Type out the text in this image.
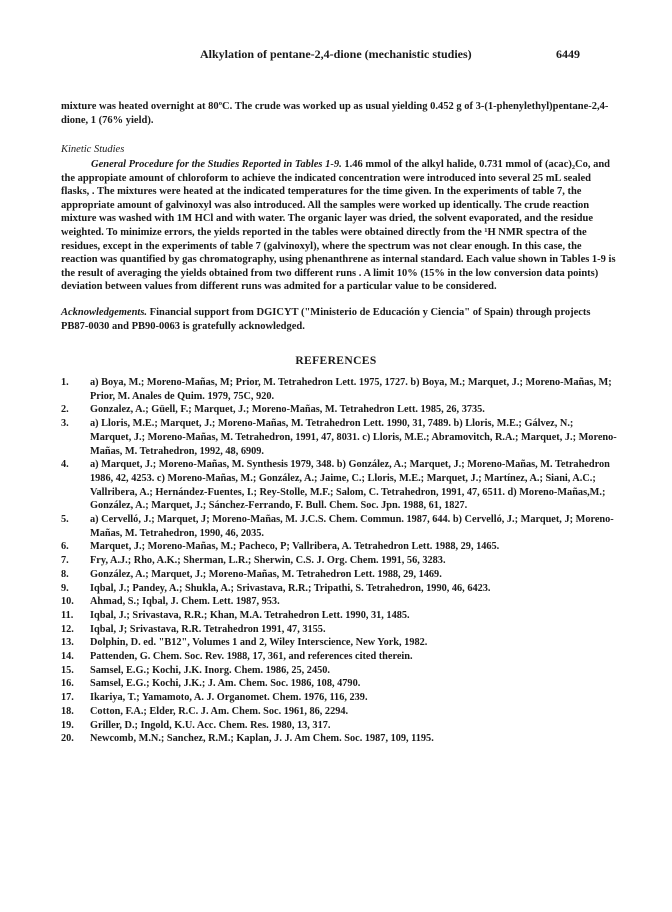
Alkylation of pentane-2,4-dione (mechanistic studies)	6449

mixture was heated overnight at 80ºC. The crude was worked up as usual yielding 0.452 g of 3-(1-phenylethyl)pentane-2,4-dione, 1 (76% yield).

Kinetic Studies

General Procedure for the Studies Reported in Tables 1-9. 1.46 mmol of the alkyl halide, 0.731 mmol of (acac)₂Co, and the appropiate amount of chloroform to achieve the indicated concentration were introduced into several 25 mL sealed flasks, . The mixtures were heated at the indicated temperatures for the time given. In the experiments of table 7, the appropriate amount of galvinoxyl was also introduced. All the samples were worked up identically. The crude reaction mixture was washed with 1M HCl and with water. The organic layer was dried, the solvent evaporated, and the residue weighted. To minimize errors, the yields reported in the tables were obtained directly from the ¹H NMR spectra of the residues, except in the experiments of table 7 (galvinoxyl), where the spectrum was not clear enough. In this case, the reaction was quantified by gas chromatography, using phenanthrene as internal standard. Each value shown in Tables 1-9 is the result of averaging the yields obtained from two different runs . A limit 10% (15% in the low conversion data points) deviation between values from different runs was admited for a particular value to be considered.

Acknowledgements. Financial support from DGICYT ("Ministerio de Educación y Ciencia" of Spain) through projects PB87-0030 and PB90-0063 is gratefully acknowledged.

REFERENCES
1.	a) Boya, M.; Moreno-Mañas, M; Prior, M. Tetrahedron Lett. 1975, 1727. b) Boya, M.; Marquet, J.; Moreno-Mañas, M; Prior, M. Anales de Quim. 1979, 75C, 920.
2.	Gonzalez, A.; Güell, F.; Marquet, J.; Moreno-Mañas, M. Tetrahedron Lett. 1985, 26, 3735.
3.	a) Lloris, M.E.; Marquet, J.; Moreno-Mañas, M. Tetrahedron Lett. 1990, 31, 7489. b) Lloris, M.E.; Gálvez, N.; Marquet, J.; Moreno-Mañas, M. Tetrahedron, 1991, 47, 8031. c) Lloris, M.E.; Abramovitch, R.A.; Marquet, J.; Moreno-Mañas, M. Tetrahedron, 1992, 48, 6909.
4.	a) Marquet, J.; Moreno-Mañas, M. Synthesis 1979, 348. b) González, A.; Marquet, J.; Moreno-Mañas, M. Tetrahedron 1986, 42, 4253. c) Moreno-Mañas, M.; González, A.; Jaime, C.; Lloris, M.E.; Marquet, J.; Martínez, A.; Siani, A.C.; Vallribera, A.; Hernández-Fuentes, I.; Rey-Stolle, M.F.; Salom, C. Tetrahedron, 1991, 47, 6511. d) Moreno-Mañas,M.; González, A.; Marquet, J.; Sánchez-Ferrando, F. Bull. Chem. Soc. Jpn. 1988, 61, 1827.
5.	a) Cervelló, J.; Marquet, J; Moreno-Mañas, M. J.C.S. Chem. Commun. 1987, 644. b) Cervelló, J.; Marquet, J; Moreno-Mañas, M. Tetrahedron, 1990, 46, 2035.
6.	Marquet, J.; Moreno-Mañas, M.; Pacheco, P; Vallribera, A. Tetrahedron Lett. 1988, 29, 1465.
7.	Fry, A.J.; Rho, A.K.; Sherman, L.R.; Sherwin, C.S. J. Org. Chem. 1991, 56, 3283.
8.	González, A.; Marquet, J.; Moreno-Mañas, M. Tetrahedron Lett. 1988, 29, 1469.
9.	Iqbal, J.; Pandey, A.; Shukla, A.; Srivastava, R.R.; Tripathi, S. Tetrahedron, 1990, 46, 6423.
10.	Ahmad, S.; Iqbal, J. Chem. Lett. 1987, 953.
11.	Iqbal, J.; Srivastava, R.R.; Khan, M.A. Tetrahedron Lett. 1990, 31, 1485.
12.	Iqbal, J; Srivastava, R.R. Tetrahedron 1991, 47, 3155.
13.	Dolphin, D. ed. "B12", Volumes 1 and 2, Wiley Interscience, New York, 1982.
14.	Pattenden, G. Chem. Soc. Rev. 1988, 17, 361, and references cited therein.
15.	Samsel, E.G.; Kochi, J.K. Inorg. Chem. 1986, 25, 2450.
16.	Samsel, E.G.; Kochi, J.K.; J. Am. Chem. Soc. 1986, 108, 4790.
17.	Ikariya, T.; Yamamoto, A. J. Organomet. Chem. 1976, 116, 239.
18.	Cotton, F.A.; Elder, R.C. J. Am. Chem. Soc. 1961, 86, 2294.
19.	Griller, D.; Ingold, K.U. Acc. Chem. Res. 1980, 13, 317.
20.	Newcomb, M.N.; Sanchez, R.M.; Kaplan, J. J. Am Chem. Soc. 1987, 109, 1195.
